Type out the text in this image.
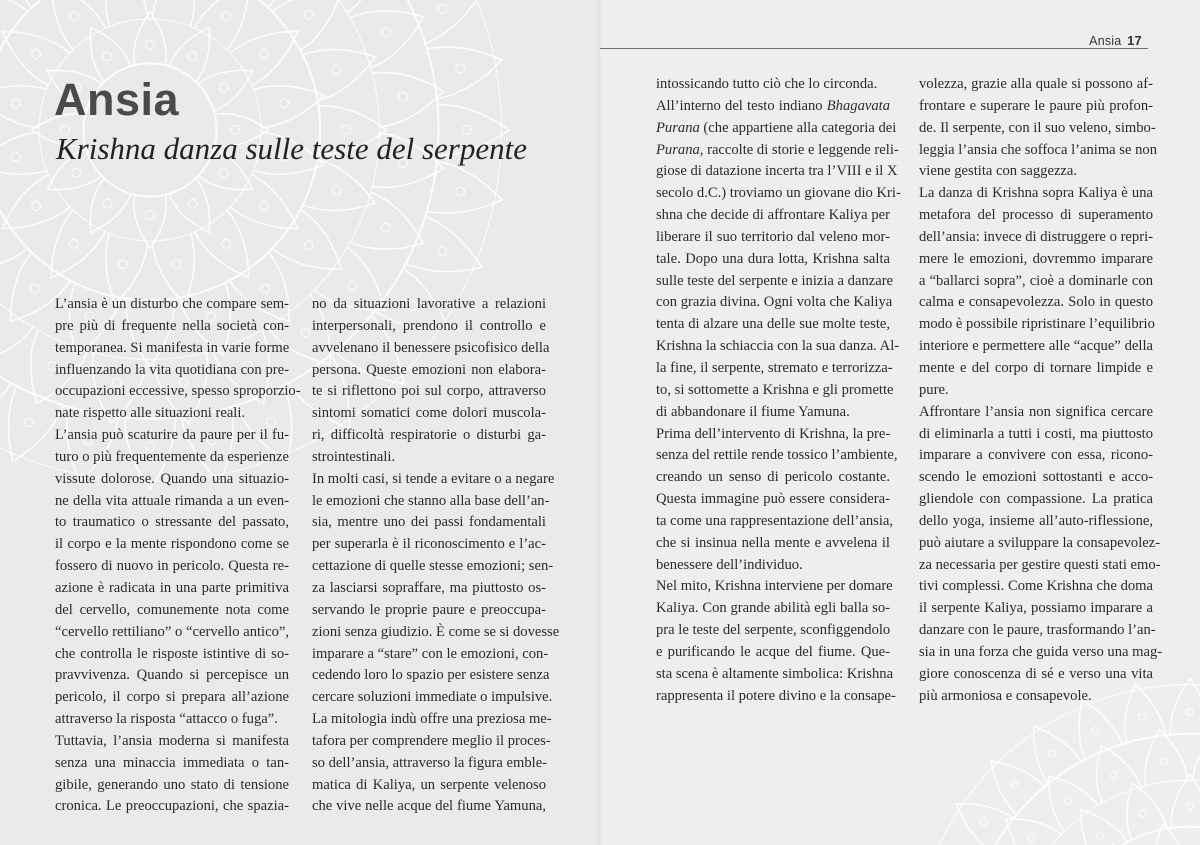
Ansia 17
Ansia
Krishna danza sulle teste del serpente
L’ansia è un disturbo che compare sem-
pre più di frequente nella società con-
temporanea. Si manifesta in varie forme
influenzando la vita quotidiana con pre-
occupazioni eccessive, spesso sproporzio-
nate rispetto alle situazioni reali.
L’ansia può scaturire da paure per il fu-
turo o più frequentemente da esperienze
vissute dolorose. Quando una situazio-
ne della vita attuale rimanda a un even-
to traumatico o stressante del passato,
il corpo e la mente rispondono come se
fossero di nuovo in pericolo. Questa re-
azione è radicata in una parte primitiva
del cervello, comunemente nota come
“cervello rettiliano” o “cervello antico”,
che controlla le risposte istintive di so-
pravvivenza. Quando si percepisce un
pericolo, il corpo si prepara all’azione
attraverso la risposta “attacco o fuga”.
Tuttavia, l’ansia moderna si manifesta
senza una minaccia immediata o tan-
gibile, generando uno stato di tensione
cronica. Le preoccupazioni, che spazia-
no da situazioni lavorative a relazioni
interpersonali, prendono il controllo e
avvelenano il benessere psicofisico della
persona. Queste emozioni non elabora-
te si riflettono poi sul corpo, attraverso
sintomi somatici come dolori muscola-
ri, difficoltà respiratorie o disturbi ga-
strointestinali.
In molti casi, si tende a evitare o a negare
le emozioni che stanno alla base dell’an-
sia, mentre uno dei passi fondamentali
per superarla è il riconoscimento e l’ac-
cettazione di quelle stesse emozioni; sen-
za lasciarsi sopraffare, ma piuttosto os-
servando le proprie paure e preoccupa-
zioni senza giudizio. È come se si dovesse
imparare a “stare” con le emozioni, con-
cedendo loro lo spazio per esistere senza
cercare soluzioni immediate o impulsive.
La mitologia indù offre una preziosa me-
tafora per comprendere meglio il proces-
so dell’ansia, attraverso la figura emble-
matica di Kaliya, un serpente velenoso
che vive nelle acque del fiume Yamuna,
intossicando tutto ciò che lo circonda.
All’interno del testo indiano Bhagavata
Purana (che appartiene alla categoria dei
Purana, raccolte di storie e leggende reli-
giose di datazione incerta tra l’VIII e il X
secolo d.C.) troviamo un giovane dio Kri-
shna che decide di affrontare Kaliya per
liberare il suo territorio dal veleno mor-
tale. Dopo una dura lotta, Krishna salta
sulle teste del serpente e inizia a danzare
con grazia divina. Ogni volta che Kaliya
tenta di alzare una delle sue molte teste,
Krishna la schiaccia con la sua danza. Al-
la fine, il serpente, stremato e terrorizza-
to, si sottomette a Krishna e gli promette
di abbandonare il fiume Yamuna.
Prima dell’intervento di Krishna, la pre-
senza del rettile rende tossico l’ambiente,
creando un senso di pericolo costante.
Questa immagine può essere considera-
ta come una rappresentazione dell’ansia,
che si insinua nella mente e avvelena il
benessere dell’individuo.
Nel mito, Krishna interviene per domare
Kaliya. Con grande abilità egli balla so-
pra le teste del serpente, sconfiggendolo
e purificando le acque del fiume. Que-
sta scena è altamente simbolica: Krishna
rappresenta il potere divino e la consape-
volezza, grazie alla quale si possono af-
frontare e superare le paure più profon-
de. Il serpente, con il suo veleno, simbo-
leggia l’ansia che soffoca l’anima se non
viene gestita con saggezza.
La danza di Krishna sopra Kaliya è una
metafora del processo di superamento
dell’ansia: invece di distruggere o repri-
mere le emozioni, dovremmo imparare
a “ballarci sopra”, cioè a dominarle con
calma e consapevolezza. Solo in questo
modo è possibile ripristinare l’equilibrio
interiore e permettere alle “acque” della
mente e del corpo di tornare limpide e
pure.
Affrontare l’ansia non significa cercare
di eliminarla a tutti i costi, ma piuttosto
imparare a convivere con essa, ricono-
scendo le emozioni sottostanti e acco-
gliendole con compassione. La pratica
dello yoga, insieme all’auto-riflessione,
può aiutare a sviluppare la consapevolez-
za necessaria per gestire questi stati emo-
tivi complessi. Come Krishna che doma
il serpente Kaliya, possiamo imparare a
danzare con le paure, trasformando l’an-
sia in una forza che guida verso una mag-
giore conoscenza di sé e verso una vita
più armoniosa e consapevole.
